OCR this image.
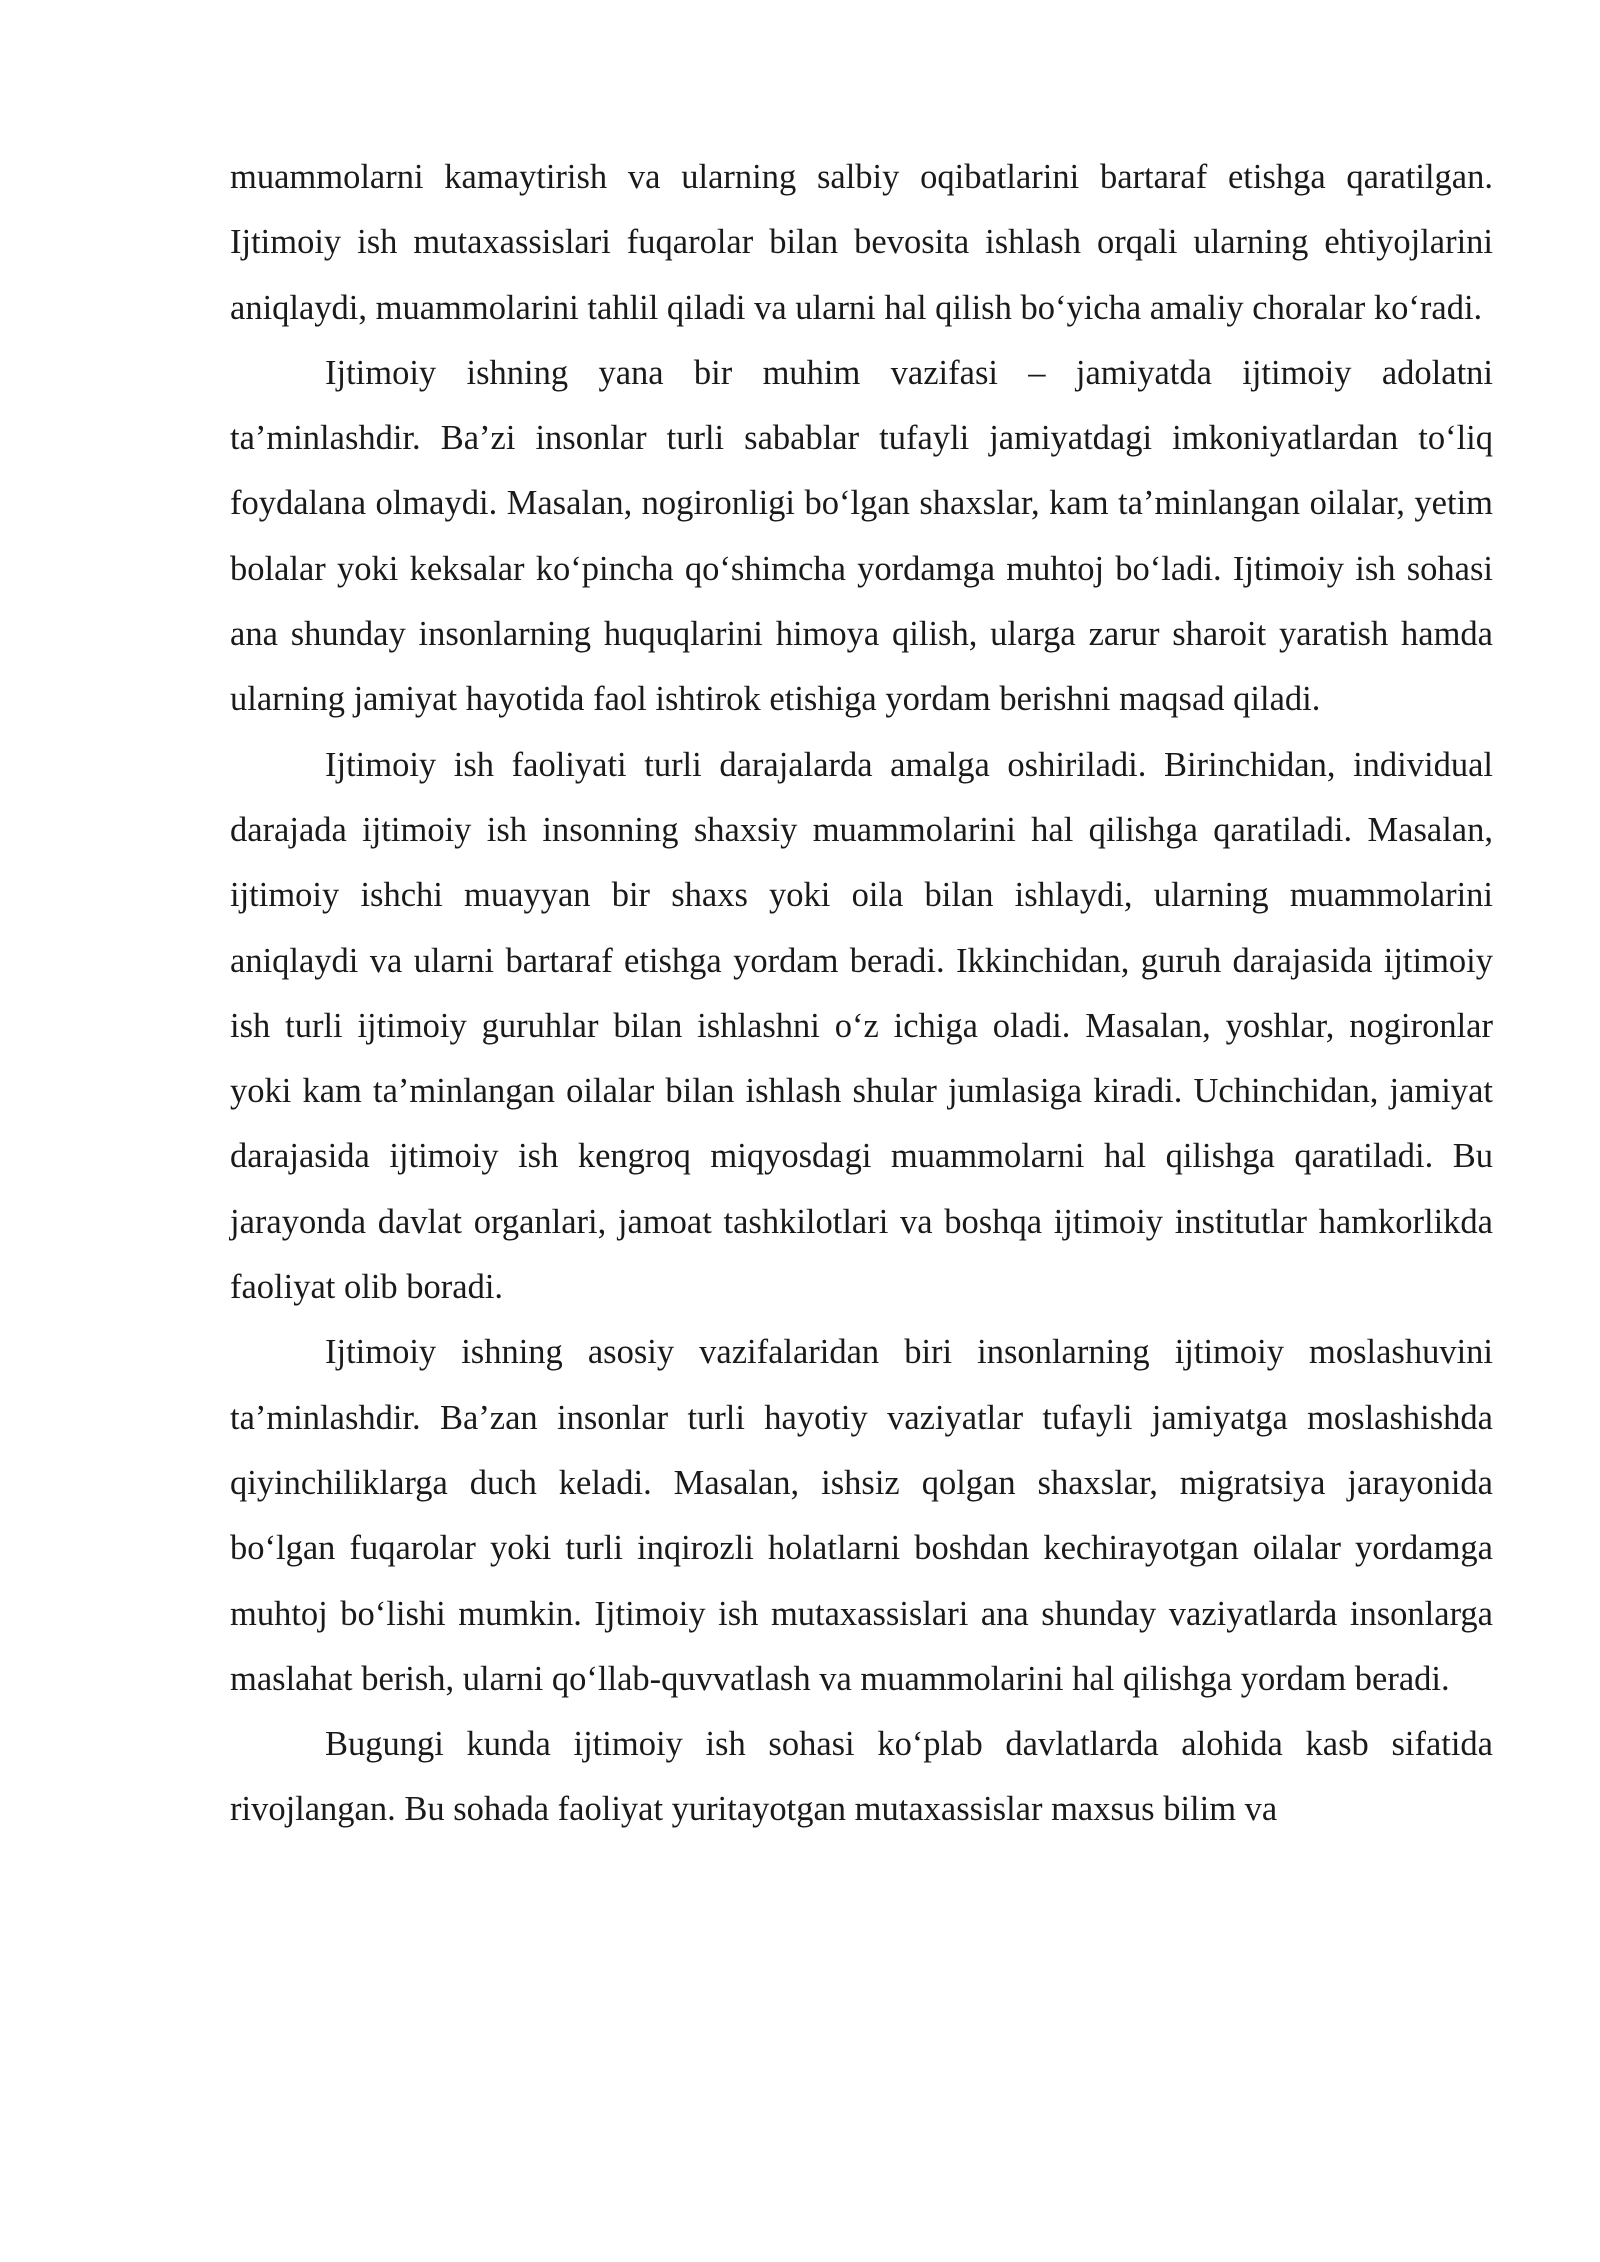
muammolarni kamaytirish va ularning salbiy oqibatlarini bartaraf etishga qaratilgan. Ijtimoiy ish mutaxassislari fuqarolar bilan bevosita ishlash orqali ularning ehtiyojlarini aniqlaydi, muammolarini tahlil qiladi va ularni hal qilish bo‘yicha amaliy choralar ko‘radi.

Ijtimoiy ishning yana bir muhim vazifasi – jamiyatda ijtimoiy adolatni ta’minlashdir. Ba’zi insonlar turli sabablar tufayli jamiyatdagi imkoniyatlardan to‘liq foydalana olmaydi. Masalan, nogironligi bo‘lgan shaxslar, kam ta’minlangan oilalar, yetim bolalar yoki keksalar ko‘pincha qo‘shimcha yordamga muhtoj bo‘ladi. Ijtimoiy ish sohasi ana shunday insonlarning huquqlarini himoya qilish, ularga zarur sharoit yaratish hamda ularning jamiyat hayotida faol ishtirok etishiga yordam berishni maqsad qiladi.

Ijtimoiy ish faoliyati turli darajalarda amalga oshiriladi. Birinchidan, individual darajada ijtimoiy ish insonning shaxsiy muammolarini hal qilishga qaratiladi. Masalan, ijtimoiy ishchi muayyan bir shaxs yoki oila bilan ishlaydi, ularning muammolarini aniqlaydi va ularni bartaraf etishga yordam beradi. Ikkinchidan, guruh darajasida ijtimoiy ish turli ijtimoiy guruhlar bilan ishlashni o‘z ichiga oladi. Masalan, yoshlar, nogironlar yoki kam ta’minlangan oilalar bilan ishlash shular jumlasiga kiradi. Uchinchidan, jamiyat darajasida ijtimoiy ish kengroq miqyosdagi muammolarni hal qilishga qaratiladi. Bu jarayonda davlat organlari, jamoat tashkilotlari va boshqa ijtimoiy institutlar hamkorlikda faoliyat olib boradi.

Ijtimoiy ishning asosiy vazifalaridan biri insonlarning ijtimoiy moslashuvini ta’minlashdir. Ba’zan insonlar turli hayotiy vaziyatlar tufayli jamiyatga moslashishda qiyinchiliklarga duch keladi. Masalan, ishsiz qolgan shaxslar, migratsiya jarayonida bo‘lgan fuqarolar yoki turli inqirozli holatlarni boshdan kechirayotgan oilalar yordamga muhtoj bo‘lishi mumkin. Ijtimoiy ish mutaxassislari ana shunday vaziyatlarda insonlarga maslahat berish, ularni qo‘llab-quvvatlash va muammolarini hal qilishga yordam beradi.

Bugungi kunda ijtimoiy ish sohasi ko‘plab davlatlarda alohida kasb sifatida rivojlangan. Bu sohada faoliyat yuritayotgan mutaxassislar maxsus bilim va
